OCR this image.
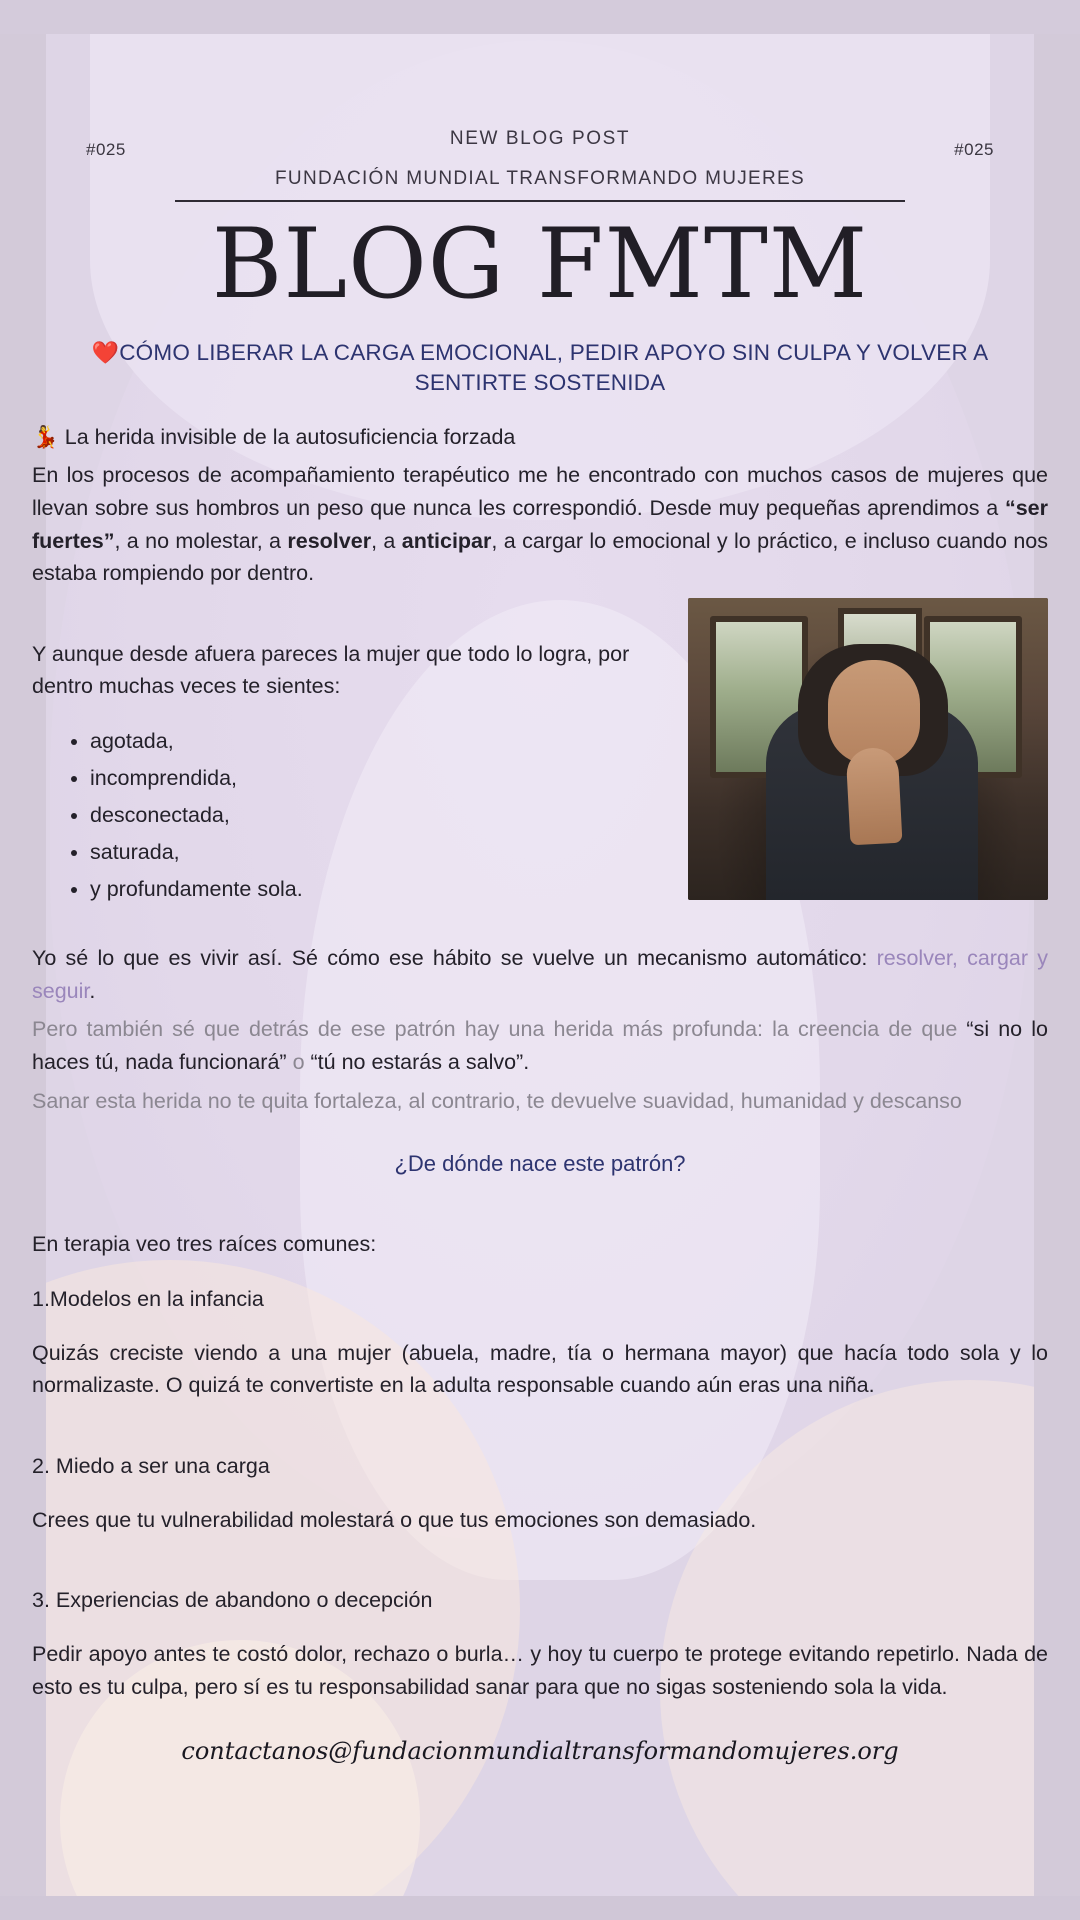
#025	#025
NEW BLOG POST
FUNDACIÓN MUNDIAL TRANSFORMANDO MUJERES
BLOG FMTM
❤️CÓMO LIBERAR LA CARGA EMOCIONAL, PEDIR APOYO SIN CULPA Y VOLVER A SENTIRTE SOSTENIDA
💃 La herida invisible de la autosuficiencia forzada

En los procesos de acompañamiento terapéutico me he encontrado con muchos casos de mujeres que llevan sobre sus hombros un peso que nunca les correspondió. Desde muy pequeñas aprendimos a “ser fuertes”, a no molestar, a resolver, a anticipar, a cargar lo emocional y lo práctico, e incluso cuando nos estaba rompiendo por dentro.

Y aunque desde afuera pareces la mujer que todo lo logra, por dentro muchas veces te sientes:

• agotada,
• incomprendida,
• desconectada,
• saturada,
• y profundamente sola.

Yo sé lo que es vivir así. Sé cómo ese hábito se vuelve un mecanismo automático: resolver, cargar y seguir.

Pero también sé que detrás de ese patrón hay una herida más profunda: la creencia de que “si no lo haces tú, nada funcionará” o “tú no estarás a salvo”.

Sanar esta herida no te quita fortaleza, al contrario, te devuelve suavidad, humanidad y descanso

¿De dónde nace este patrón?

En terapia veo tres raíces comunes:

1.Modelos en la infancia

Quizás creciste viendo a una mujer (abuela, madre, tía o hermana mayor) que hacía todo sola y lo normalizaste. O quizá te convertiste en la adulta responsable cuando aún eras una niña.

2. Miedo a ser una carga

Crees que tu vulnerabilidad molestará o que tus emociones son demasiado.

3. Experiencias de abandono o decepción

Pedir apoyo antes te costó dolor, rechazo o burla… y hoy tu cuerpo te protege evitando repetirlo. Nada de esto es tu culpa, pero sí es tu responsabilidad sanar para que no sigas sosteniendo sola la vida.

contactanos@fundacionmundialtransformandomujeres.org
